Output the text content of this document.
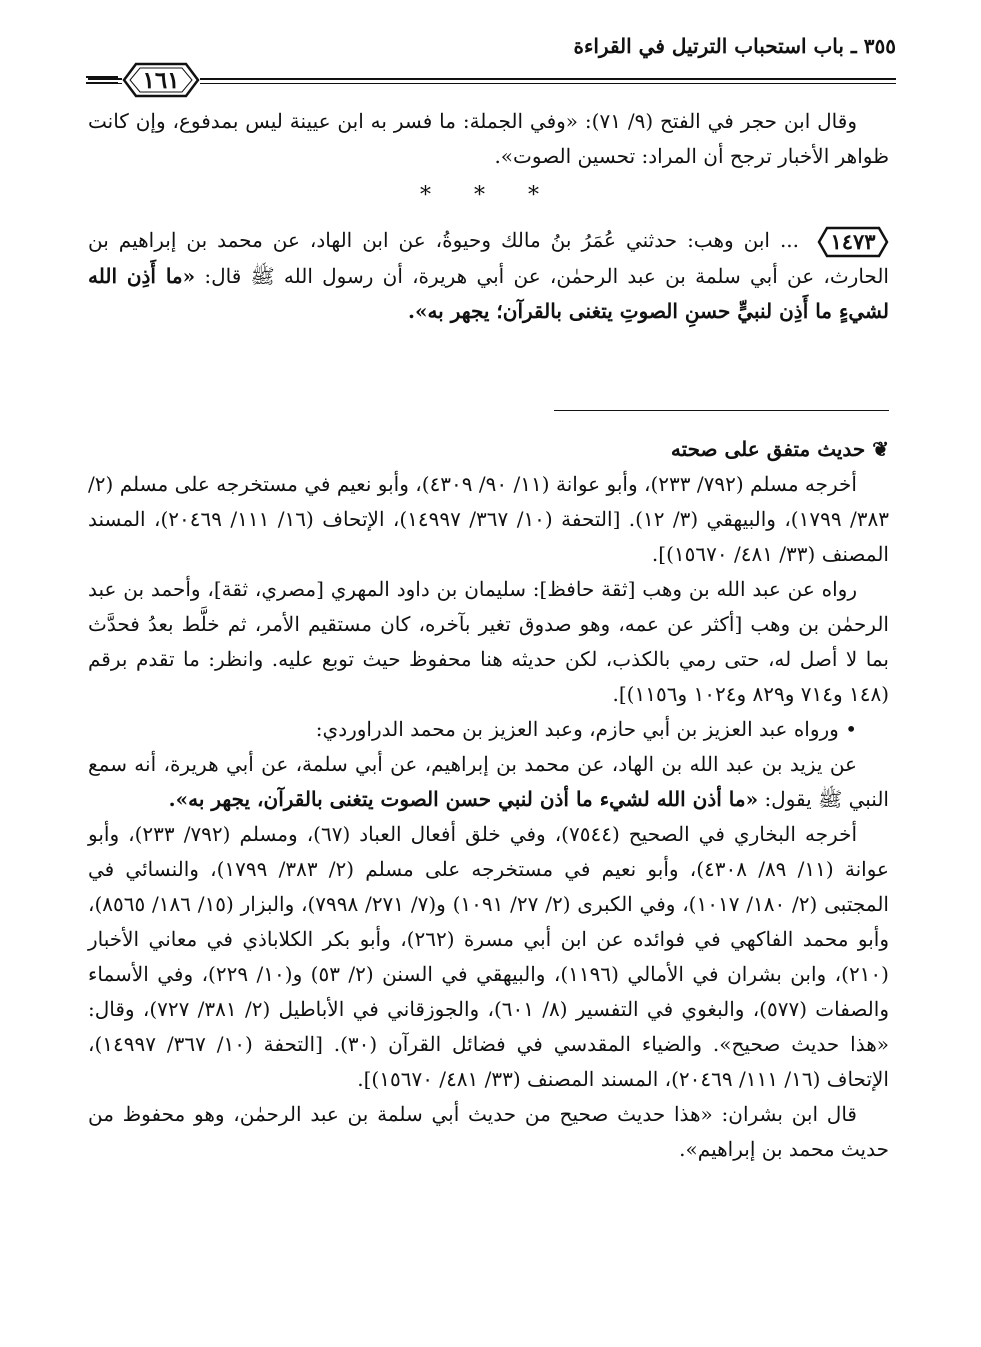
٣٥٥ ـ باب استحباب الترتيل في القراءة
١٦١

وقال ابن حجر في الفتح (٩/ ٧١): «وفي الجملة: ما فسر به ابن عيينة ليس بمدفوع، وإن كانت ظواهر الأخبار ترجح أن المراد: تحسين الصوت».

* * *

١٤٧٣ ... ابن وهب: حدثني عُمَرُ بنُ مالك وحيوةُ، عن ابن الهاد، عن محمد بن إبراهيم بن الحارث، عن أبي سلمة بن عبد الرحمٰن، عن أبي هريرة، أن رسول الله ﷺ قال: «ما أَذِن الله لشيءٍ ما أَذِن لنبيٍّ حسنِ الصوتِ يتغنى بالقرآن؛ يجهر به».

❦ حديث متفق على صحته

أخرجه مسلم (٧٩٢/ ٢٣٣)، وأبو عوانة (١١/ ٩٠/ ٤٣٠٩)، وأبو نعيم في مستخرجه على مسلم (٢/ ٣٨٣/ ١٧٩٩)، والبيهقي (٣/ ١٢). [التحفة (١٠/ ٣٦٧/ ١٤٩٩٧)، الإتحاف (١٦/ ١١١/ ٢٠٤٦٩)، المسند المصنف (٣٣/ ٤٨١/ ١٥٦٧٠)].

رواه عن عبد الله بن وهب [ثقة حافظ]: سليمان بن داود المهري [مصري، ثقة]، وأحمد بن عبد الرحمٰن بن وهب [أكثر عن عمه، وهو صدوق تغير بآخره، كان مستقيم الأمر، ثم خلَّط بعدُ فحدَّث بما لا أصل له، حتى رمي بالكذب، لكن حديثه هنا محفوظ حيث توبع عليه. وانظر: ما تقدم برقم (١٤٨ و٧١٤ و٨٢٩ و١٠٢٤ و١١٥٦)].

• ورواه عبد العزيز بن أبي حازم، وعبد العزيز بن محمد الدراوردي:

عن يزيد بن عبد الله بن الهاد، عن محمد بن إبراهيم، عن أبي سلمة، عن أبي هريرة، أنه سمع النبي ﷺ يقول: «ما أذن الله لشيء ما أذن لنبي حسن الصوت يتغنى بالقرآن، يجهر به».

أخرجه البخاري في الصحيح (٧٥٤٤)، وفي خلق أفعال العباد (٦٧)، ومسلم (٧٩٢/ ٢٣٣)، وأبو عوانة (١١/ ٨٩/ ٤٣٠٨)، وأبو نعيم في مستخرجه على مسلم (٢/ ٣٨٣/ ١٧٩٩)، والنسائي في المجتبى (٢/ ١٨٠/ ١٠١٧)، وفي الكبرى (٢/ ٢٧/ ١٠٩١) و(٧/ ٢٧١/ ٧٩٩٨)، والبزار (١٥/ ١٨٦/ ٨٥٦٥)، وأبو محمد الفاكهي في فوائده عن ابن أبي مسرة (٢٦٢)، وأبو بكر الكلاباذي في معاني الأخبار (٢١٠)، وابن بشران في الأمالي (١١٩٦)، والبيهقي في السنن (٢/ ٥٣) و(١٠/ ٢٢٩)، وفي الأسماء والصفات (٥٧٧)، والبغوي في التفسير (٨/ ٦٠١)، والجوزقاني في الأباطيل (٢/ ٣٨١/ ٧٢٧)، وقال: «هذا حديث صحيح». والضياء المقدسي في فضائل القرآن (٣٠). [التحفة (١٠/ ٣٦٧/ ١٤٩٩٧)، الإتحاف (١٦/ ١١١/ ٢٠٤٦٩)، المسند المصنف (٣٣/ ٤٨١/ ١٥٦٧٠)].

قال ابن بشران: «هذا حديث صحيح من حديث أبي سلمة بن عبد الرحمٰن، وهو محفوظ من حديث محمد بن إبراهيم».
